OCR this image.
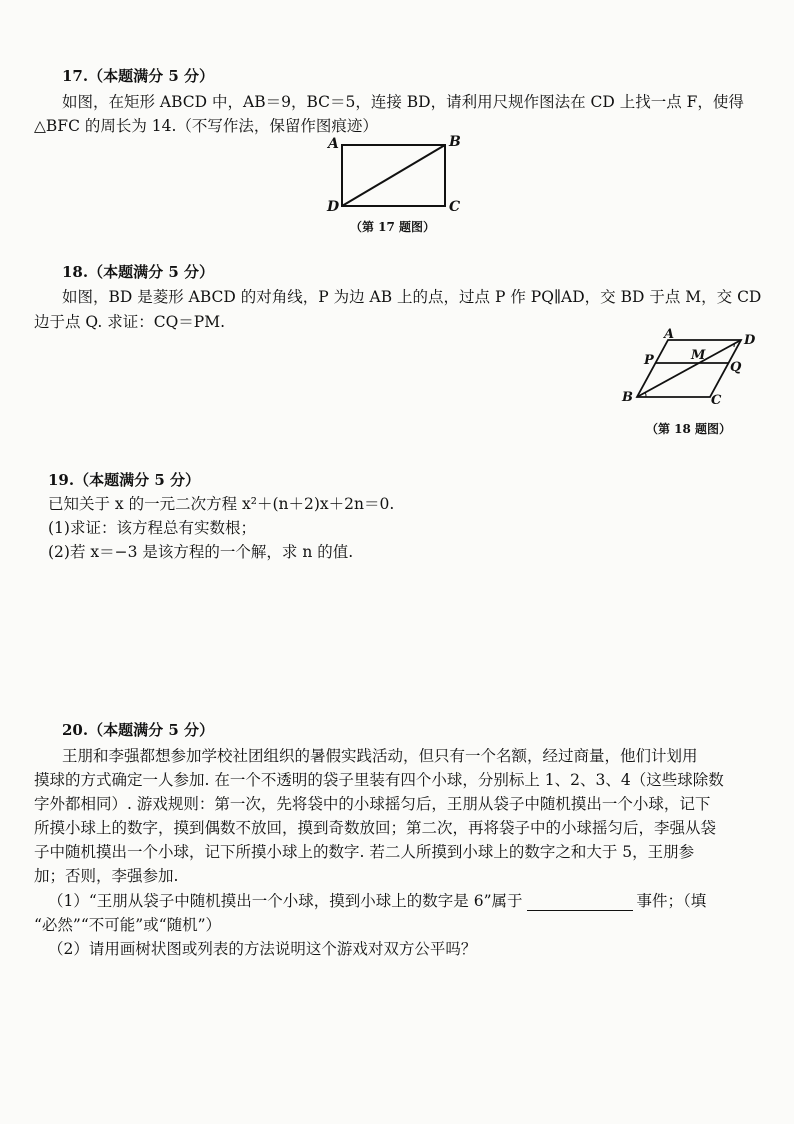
17.（本题满分 5 分）
如图，在矩形 ABCD 中，AB＝9，BC＝5，连接 BD，请利用尺规作图法在 CD 上找一点 F，使得
△BFC 的周长为 14.（不写作法，保留作图痕迹）
A	B
C
D
（第 17 题图）
18.（本题满分 5 分）
如图，BD 是菱形 ABCD 的对角线，P 为边 AB 上的点，过点 P 作 PQ∥AD，交 BD 于点 M，交 CD
边于点 Q. 求证：CQ＝PM.
A	D
P	M
Q
B	C
（第 18 题图）
19.（本题满分 5 分）
已知关于 x 的一元二次方程 x²＋(n＋2)x＋2n＝0.
(1)求证：该方程总有实数根；
(2)若 x＝−3 是该方程的一个解，求 n 的值.
20.（本题满分 5 分）
王朋和李强都想参加学校社团组织的暑假实践活动，但只有一个名额，经过商量，他们计划用
摸球的方式确定一人参加. 在一个不透明的袋子里装有四个小球，分别标上 1、2、3、4（这些球除数
字外都相同）. 游戏规则：第一次，先将袋中的小球摇匀后，王朋从袋子中随机摸出一个小球，记下
所摸小球上的数字，摸到偶数不放回，摸到奇数放回；第二次，再将袋子中的小球摇匀后，李强从袋
子中随机摸出一个小球，记下所摸小球上的数字. 若二人所摸到小球上的数字之和大于 5，王朋参
加；否则，李强参加.
（1）“王朋从袋子中随机摸出一个小球，摸到小球上的数字是 6”属于	事件；（填
“必然”“不可能”或“随机”）
（2）请用画树状图或列表的方法说明这个游戏对双方公平吗？
